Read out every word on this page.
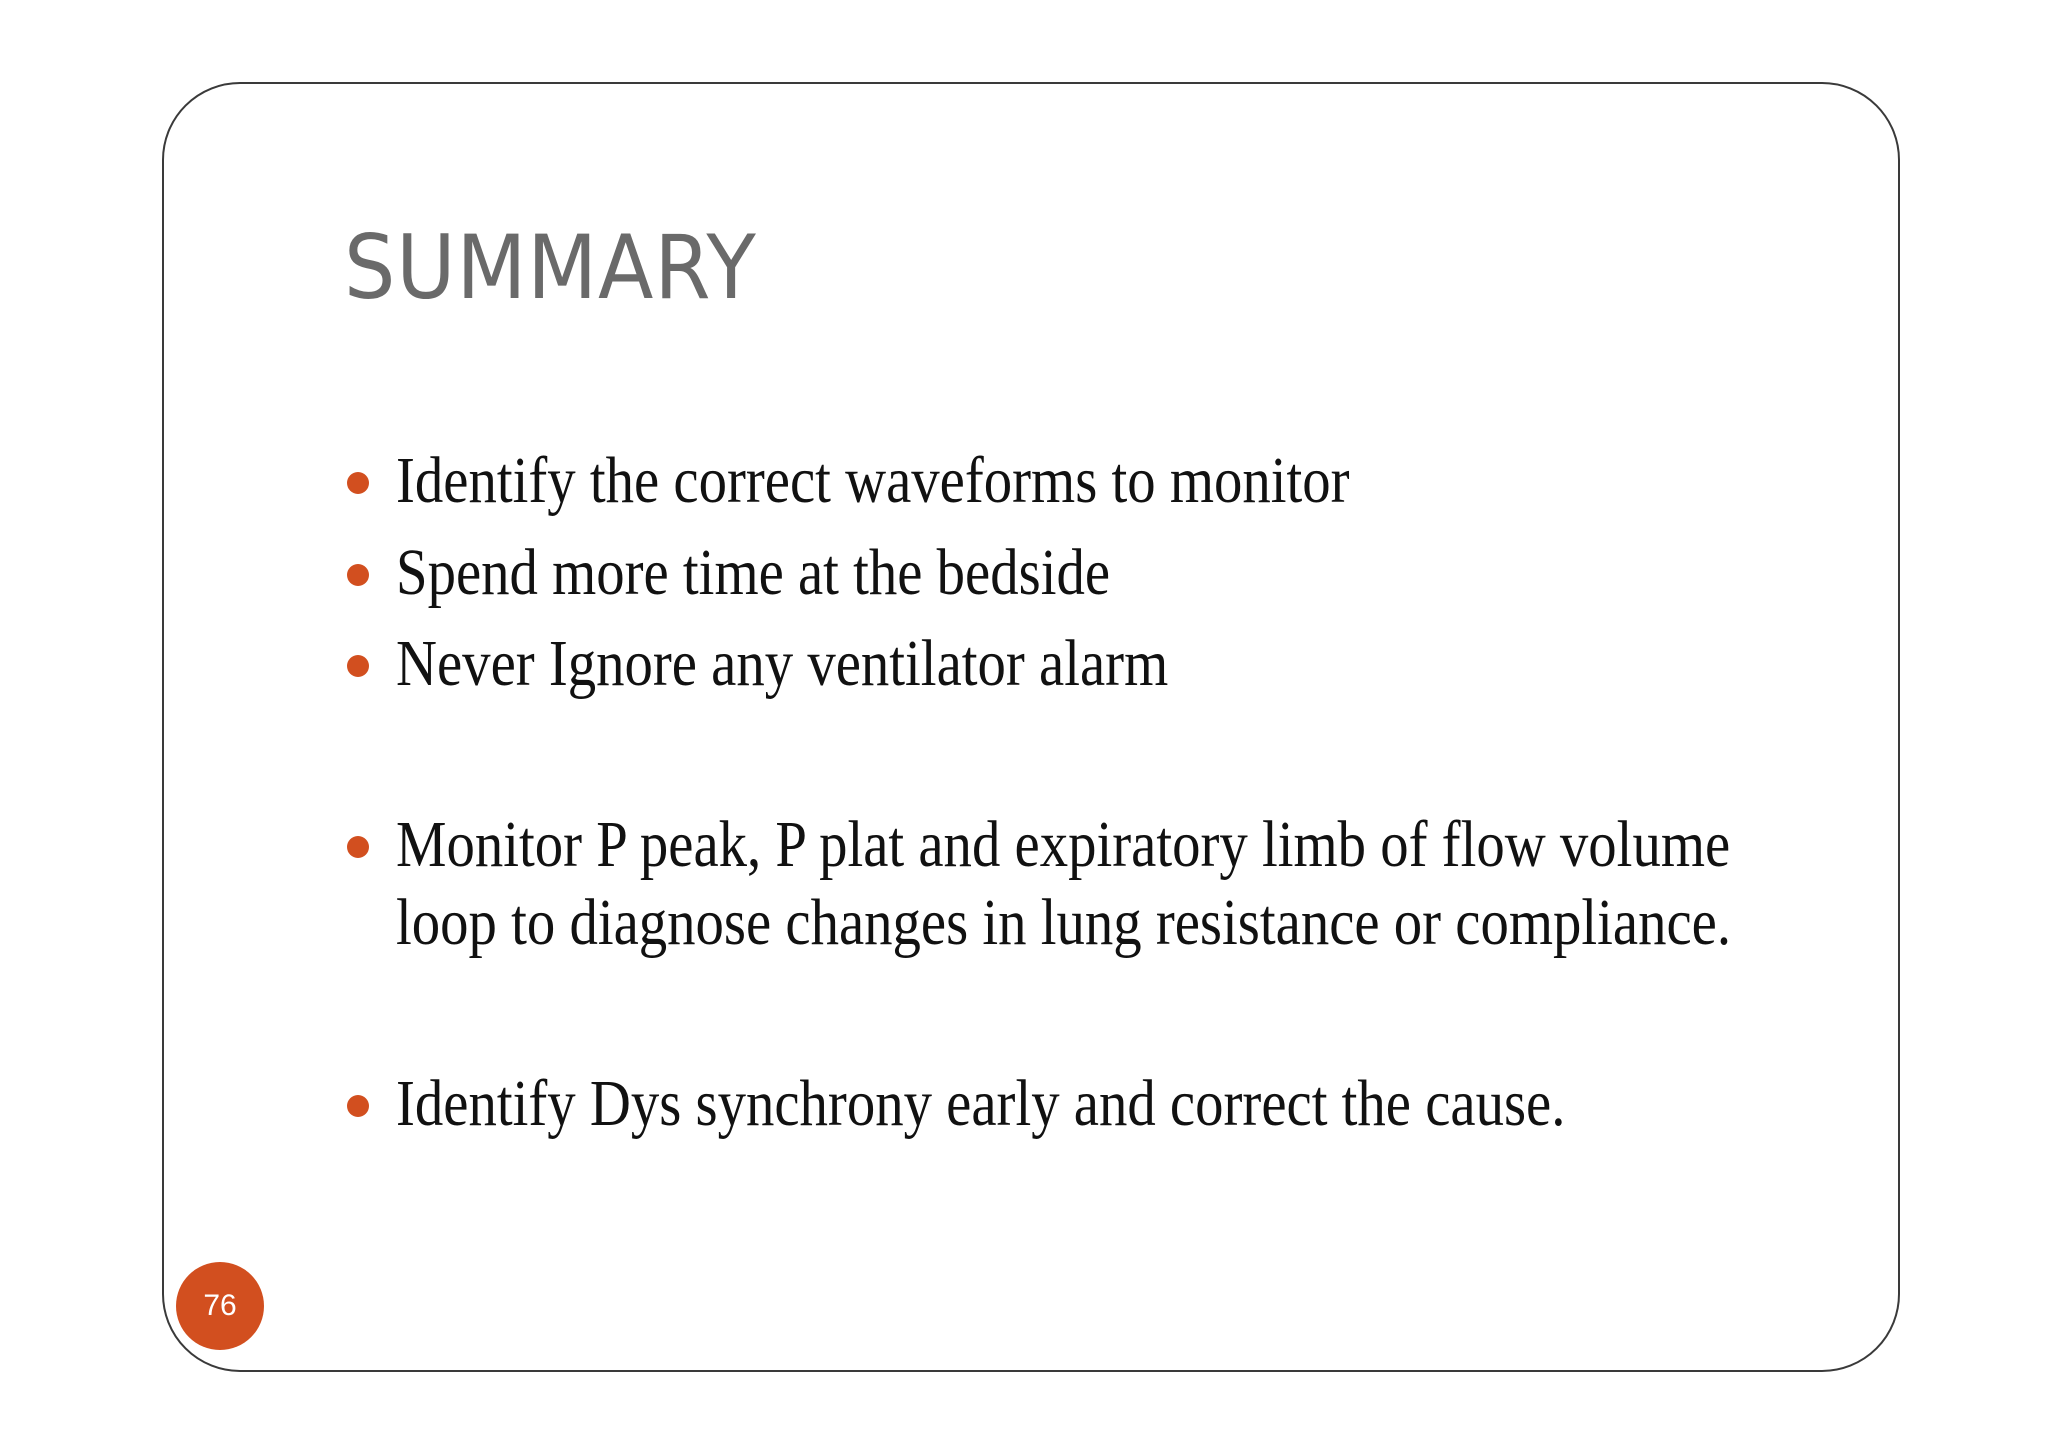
SUMMARY
Identify the correct waveforms to monitor
Spend more time at the bedside
Never Ignore any ventilator alarm
Monitor P peak, P plat and expiratory limb of flow volume
loop to diagnose changes in lung resistance or compliance.
Identify Dys synchrony early and correct the cause.
76
